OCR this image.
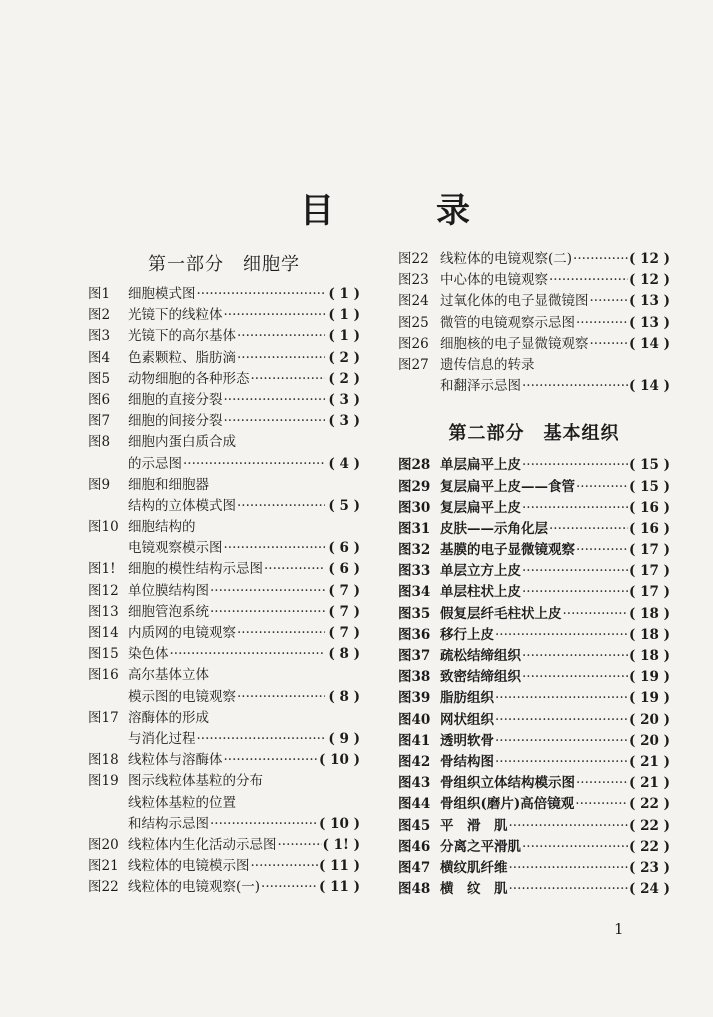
目	录
第一部分　细胞学
图1	细胞模式图 ·····	( 1 )
图2	光镜下的线粒体 ·····	( 1 )
图3	光镜下的高尔基体 ·····	( 1 )
图4	色素颗粒、脂肪滴 ·····	( 2 )
图5	动物细胞的各种形态 ·····	( 2 )
图6	细胞的直接分裂 ·····	( 3 )
图7	细胞的间接分裂 ·····	( 3 )
图8	细胞内蛋白质合成
的示忌图 ·····	( 4 )
图9	细胞和细胞器
结构的立体模式图 ·····	( 5 )
图10 细胞结构的
电镜观察模示图 ·····	( 6 )
图1! 细胞的模性结构示忌图 ·····	( 6 )
图12 单位膜结构图 ·····	( 7 )
图13 细胞管泡系统 ·····	( 7 )
图14 内质网的电镜观察 ·····	( 7 )
图15 染色体 ·····	( 8 )
图16 高尔基体立体
模示图的电镜观察 ·····	( 8 )
图17 溶酶体的形成
与消化过程 ·····	( 9 )
图18 线粒体与溶酶体 ·····	( 10 )
图19 图示线粒体基粒的分布
线粒体基粒的位置
和结构示忌图 ·····	( 10 )
图20 线粒体内生化活动示忌图 ·····	( 1! )
图21 线粒体的电镜模示图 ·····	( 11 )
图22 线粒体的电镜观察(一) ·····	( 11 )
图22 线粒体的电镜观察(二) ·····	( 12 )
图23 中心体的电镜观察 ·····	( 12 )
图24 过氧化体的电子显微镜图 ·····	( 13 )
图25 微管的电镜观察示忌图 ·····	( 13 )
图26 细胞核的电子显微镜观察 ·····	( 14 )
图27 遗传信息的转录
和翻泽示忌图 ·····	( 14 )
第二部分　基本组织
图28 单层扁平上皮 ·····	( 15 )
图29 复层扁平上皮——食管 ·····	( 15 )
图30 复层扁平上皮 ·····	( 16 )
图31 皮肤——示角化层 ·····	( 16 )
图32 基膜的电子显微镜观察 ·····	( 17 )
图33 单层立方上皮 ·····	( 17 )
图34 单层柱状上皮 ·····	( 17 )
图35 假复层纤毛柱状上皮 ·····	( 18 )
图36 移行上皮 ·····	( 18 )
图37 疏松结缔组织 ·····	( 18 )
图38 致密结缔组织 ·····	( 19 )
图39 脂肪组织 ·····	( 19 )
图40 网状组织 ·····	( 20 )
图41 透明软骨 ·····	( 20 )
图42 骨结构图 ·····	( 21 )
图43 骨组织立体结构模示图 ·····	( 21 )
图44 骨组织(磨片)高倍镜观 ·····	( 22 )
图45 平　滑　肌 ·····	( 22 )
图46 分离之平滑肌 ·····	( 22 )
图47 横纹肌纤维 ·····	( 23 )
图48 横　纹　肌 ·····	( 24 )
1
